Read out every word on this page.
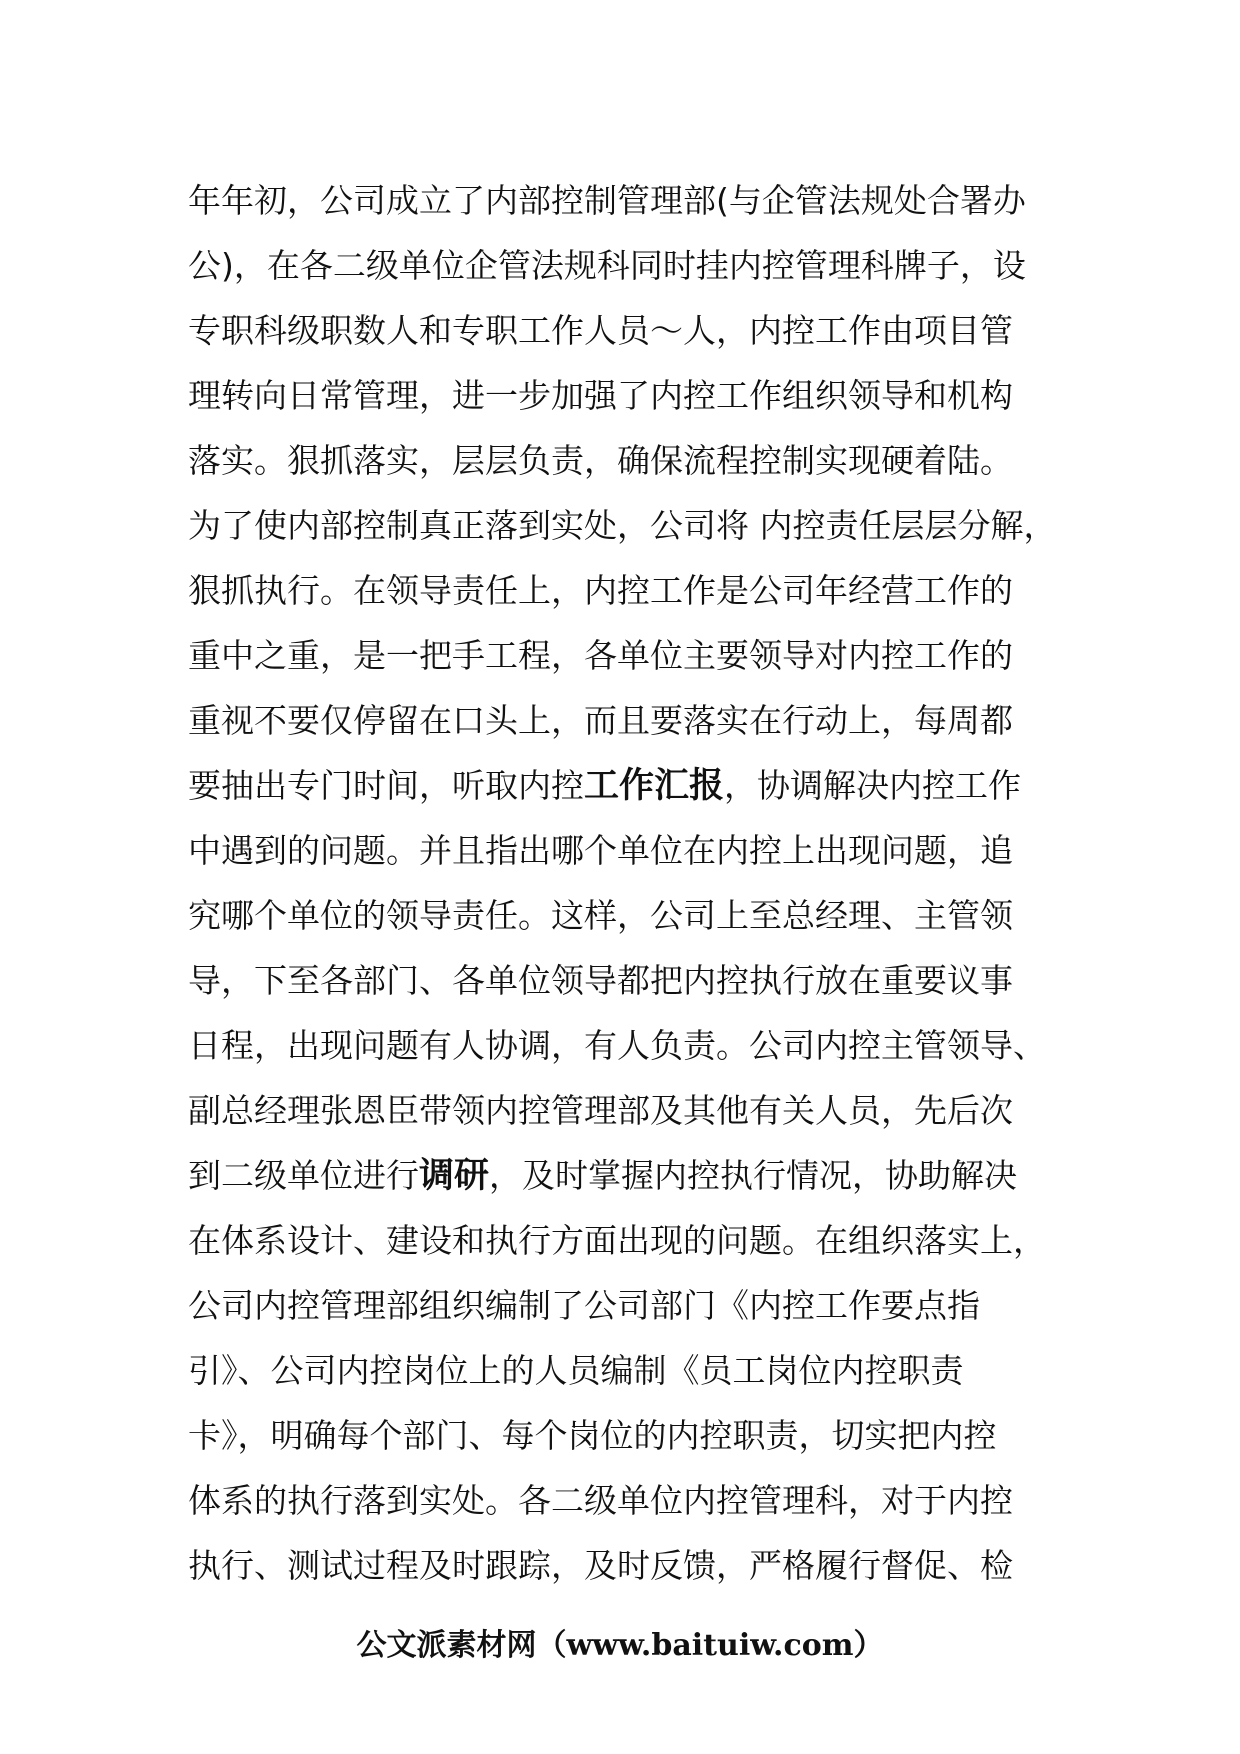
年年初，公司成立了内部控制管理部(与企管法规处合署办
公)，在各二级单位企管法规科同时挂内控管理科牌子，设
专职科级职数人和专职工作人员～人，内控工作由项目管
理转向日常管理，进一步加强了内控工作组织领导和机构
落实。狠抓落实，层层负责，确保流程控制实现硬着陆。
为了使内部控制真正落到实处，公司将 内控责任层层分解，
狠抓执行。在领导责任上，内控工作是公司年经营工作的
重中之重，是一把手工程，各单位主要领导对内控工作的
重视不要仅停留在口头上，而且要落实在行动上，每周都
要抽出专门时间，听取内控工作汇报，协调解决内控工作
中遇到的问题。并且指出哪个单位在内控上出现问题，追
究哪个单位的领导责任。这样，公司上至总经理、主管领
导，下至各部门、各单位领导都把内控执行放在重要议事
日程，出现问题有人协调，有人负责。公司内控主管领导、
副总经理张恩臣带领内控管理部及其他有关人员，先后次
到二级单位进行调研，及时掌握内控执行情况，协助解决
在体系设计、建设和执行方面出现的问题。在组织落实上，
公司内控管理部组织编制了公司部门《内控工作要点指
引》、公司内控岗位上的人员编制《员工岗位内控职责
卡》，明确每个部门、每个岗位的内控职责，切实把内控
体系的执行落到实处。各二级单位内控管理科，对于内控
执行、测试过程及时跟踪，及时反馈，严格履行督促、检
公文派素材网（www.baituiw.com）
